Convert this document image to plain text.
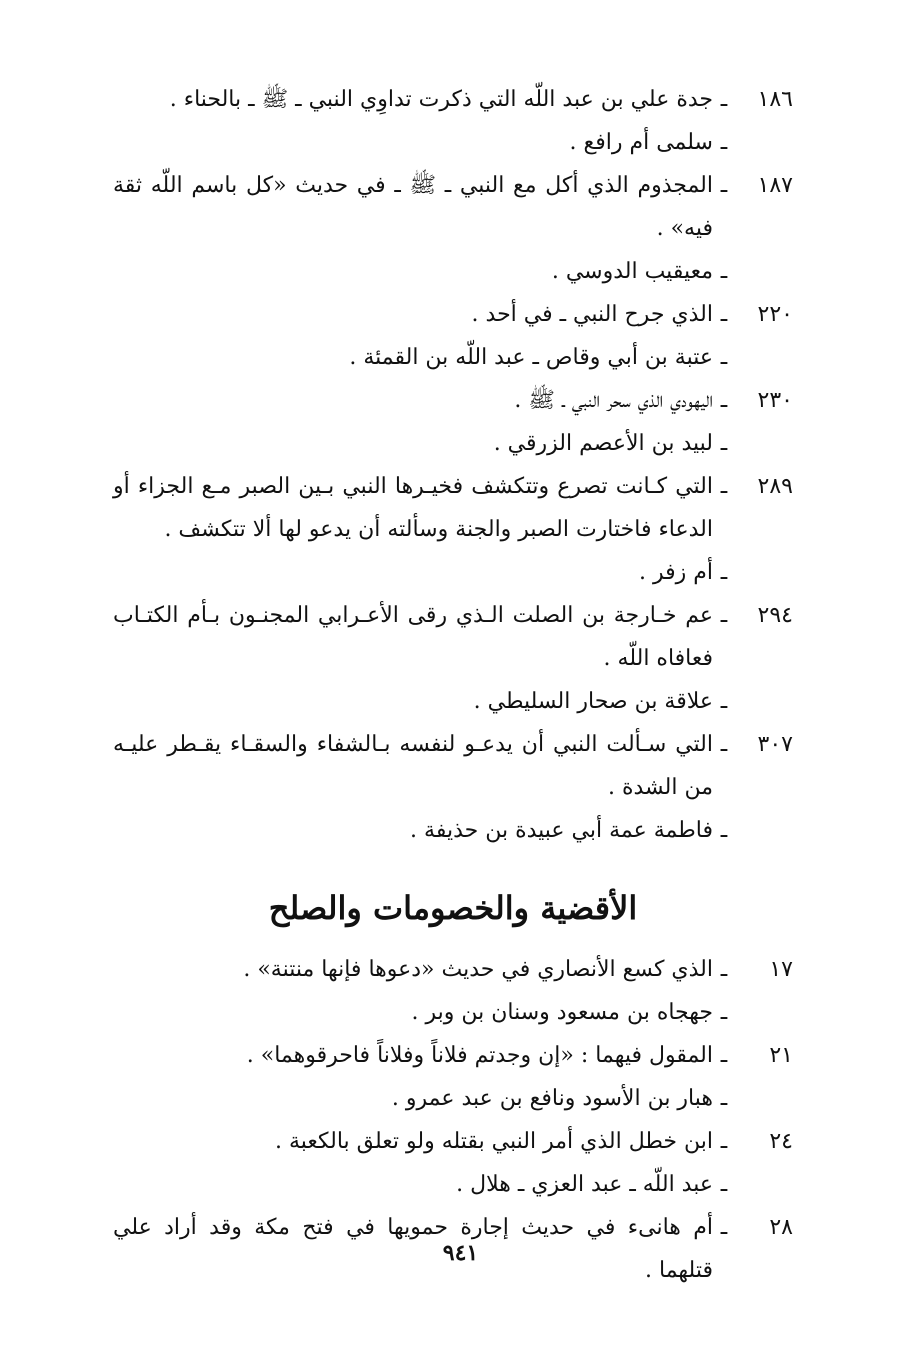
١٨٦
ـ
جدة علي بن عبد اللّه التي ذكرت تداوِي النبي ـ ﷺ ـ بالحناء .
ـ
سلمى أم رافع .
١٨٧
ـ
المجذوم الذي أكل مع النبي ـ ﷺ ـ في حديث «كل باسم اللّه ثقة فيه» .
ـ
معيقيب الدوسي .
٢٢٠
ـ
الذي جرح النبي ـ في أحد .
ـ
عتبة بن أبي وقاص ـ عبد اللّه بن القمئة .
٢٣٠
ـ
اليهودي الذي سحر النبي ـ ﷺ .
ـ
لبيد بن الأعصم الزرقي .
٢٨٩
ـ
التي كـانت تصرع وتتكشف فخيـرها النبي بـين الصبر مـع الجزاء أو الدعاء فاختارت الصبر والجنة وسألته أن يدعو لها ألا تتكشف .
ـ
أم زفر .
٢٩٤
ـ
عم خـارجة بن الصلت الـذي رقى الأعـرابي المجنـون بـأم الكتـاب فعافاه اللّه .
ـ
علاقة بن صحار السليطي .
٣٠٧
ـ
التي سـألت النبي أن يدعـو لنفسه بـالشفاء والسقـاء يقـطر عليـه من الشدة .
ـ
فاطمة عمة أبي عبيدة بن حذيفة .
الأقضية والخصومات والصلح
١٧
ـ
الذي كسع الأنصاري في حديث «دعوها فإنها منتنة» .
ـ
جهجاه بن مسعود وسنان بن وبر .
٢١
ـ
المقول فيهما : «إن وجدتم فلاناً وفلاناً فاحرقوهما» .
ـ
هبار بن الأسود ونافع بن عبد عمرو .
٢٤
ـ
ابن خطل الذي أمر النبي بقتله ولو تعلق بالكعبة .
ـ
عبد اللّه ـ عبد العزي ـ هلال .
٢٨
ـ
أم هانىء في حديث إجارة حمويها في فتح مكة وقد أراد علي قتلهما .
٩٤١
